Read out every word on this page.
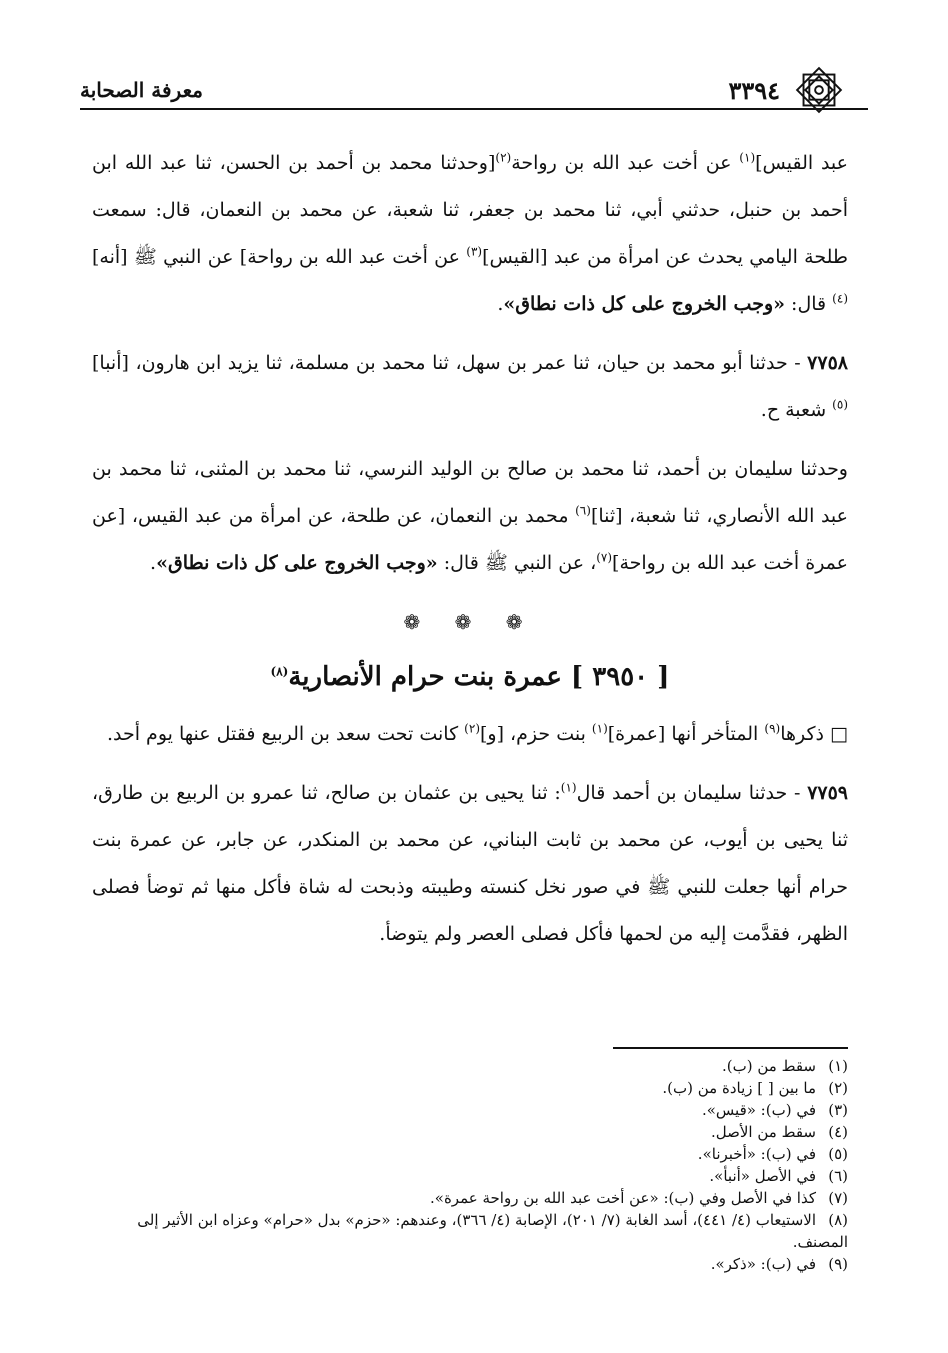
معرفة الصحابة	٣٣٩٤

عبد القيس]$^{(١)}$ عن أخت عبد الله بن رواحة$^{(٢)}$[وحدثنا محمد بن أحمد بن الحسن، ثنا عبد الله ابن أحمد بن حنبل، حدثني أبي، ثنا محمد بن جعفر، ثنا شعبة، عن محمد بن النعمان، قال: سمعت طلحة اليامي يحدث عن امرأة من عبد [القيس]$^{(٣)}$ عن أخت عبد الله بن رواحة] عن النبي ﷺ [أنه]$^{(٤)}$ قال: «وجب الخروج على كل ذات نطاق».

٧٧٥٨ - حدثنا أبو محمد بن حيان، ثنا عمر بن سهل، ثنا محمد بن مسلمة، ثنا يزيد ابن هارون، [أنبا]$^{(٥)}$ شعبة ح.

وحدثنا سليمان بن أحمد، ثنا محمد بن صالح بن الوليد النرسي، ثنا محمد بن المثنى، ثنا محمد بن عبد الله الأنصاري، ثنا شعبة، [ثنا]$^{(٦)}$ محمد بن النعمان، عن طلحة، عن امرأة من عبد القيس، [عن عمرة أخت عبد الله بن رواحة]$^{(٧)}$، عن النبي ﷺ قال: «وجب الخروج على كل ذات نطاق».

❁ ❁ ❁
[ ٣٩٥٠ ] عمرة بنت حرام الأنصارية$^{(٨)}$

□ ذكرها$^{(٩)}$ المتأخر أنها [عمرة]$^{(١)}$ بنت حزم، [و]$^{(٢)}$ كانت تحت سعد بن الربيع فقتل عنها يوم أحد.

٧٧٥٩ - حدثنا سليمان بن أحمد قال$^{(١)}$: ثنا يحيى بن عثمان بن صالح، ثنا عمرو بن الربيع بن طارق، ثنا يحيى بن أيوب، عن محمد بن ثابت البناني، عن محمد بن المنكدر، عن جابر، عن عمرة بنت حرام أنها جعلت للنبي ﷺ في صور نخل كنسته وطيبته وذبحت له شاة فأكل منها ثم توضأ فصلى الظهر، فقدَّمت إليه من لحمها فأكل فصلى العصر ولم يتوضأ.

(١)سقط من (ب).
(٢)ما بين [ ] زيادة من (ب).
(٣)في (ب): «قيس».
(٤)سقط من الأصل.
(٥)في (ب): «أخبرنا».
(٦)في الأصل «أنبأ».
(٧)كذا في الأصل وفي (ب): «عن أخت عبد الله بن رواحة عمرة».
(٨)الاستيعاب (٤/ ٤٤١)، أسد الغابة (٧/ ٢٠١)، الإصابة (٤/ ٣٦٦)، وعندهم: «حزم» بدل «حرام» وعزاه ابن الأثير إلى المصنف.
(٩)في (ب): «ذكر».
